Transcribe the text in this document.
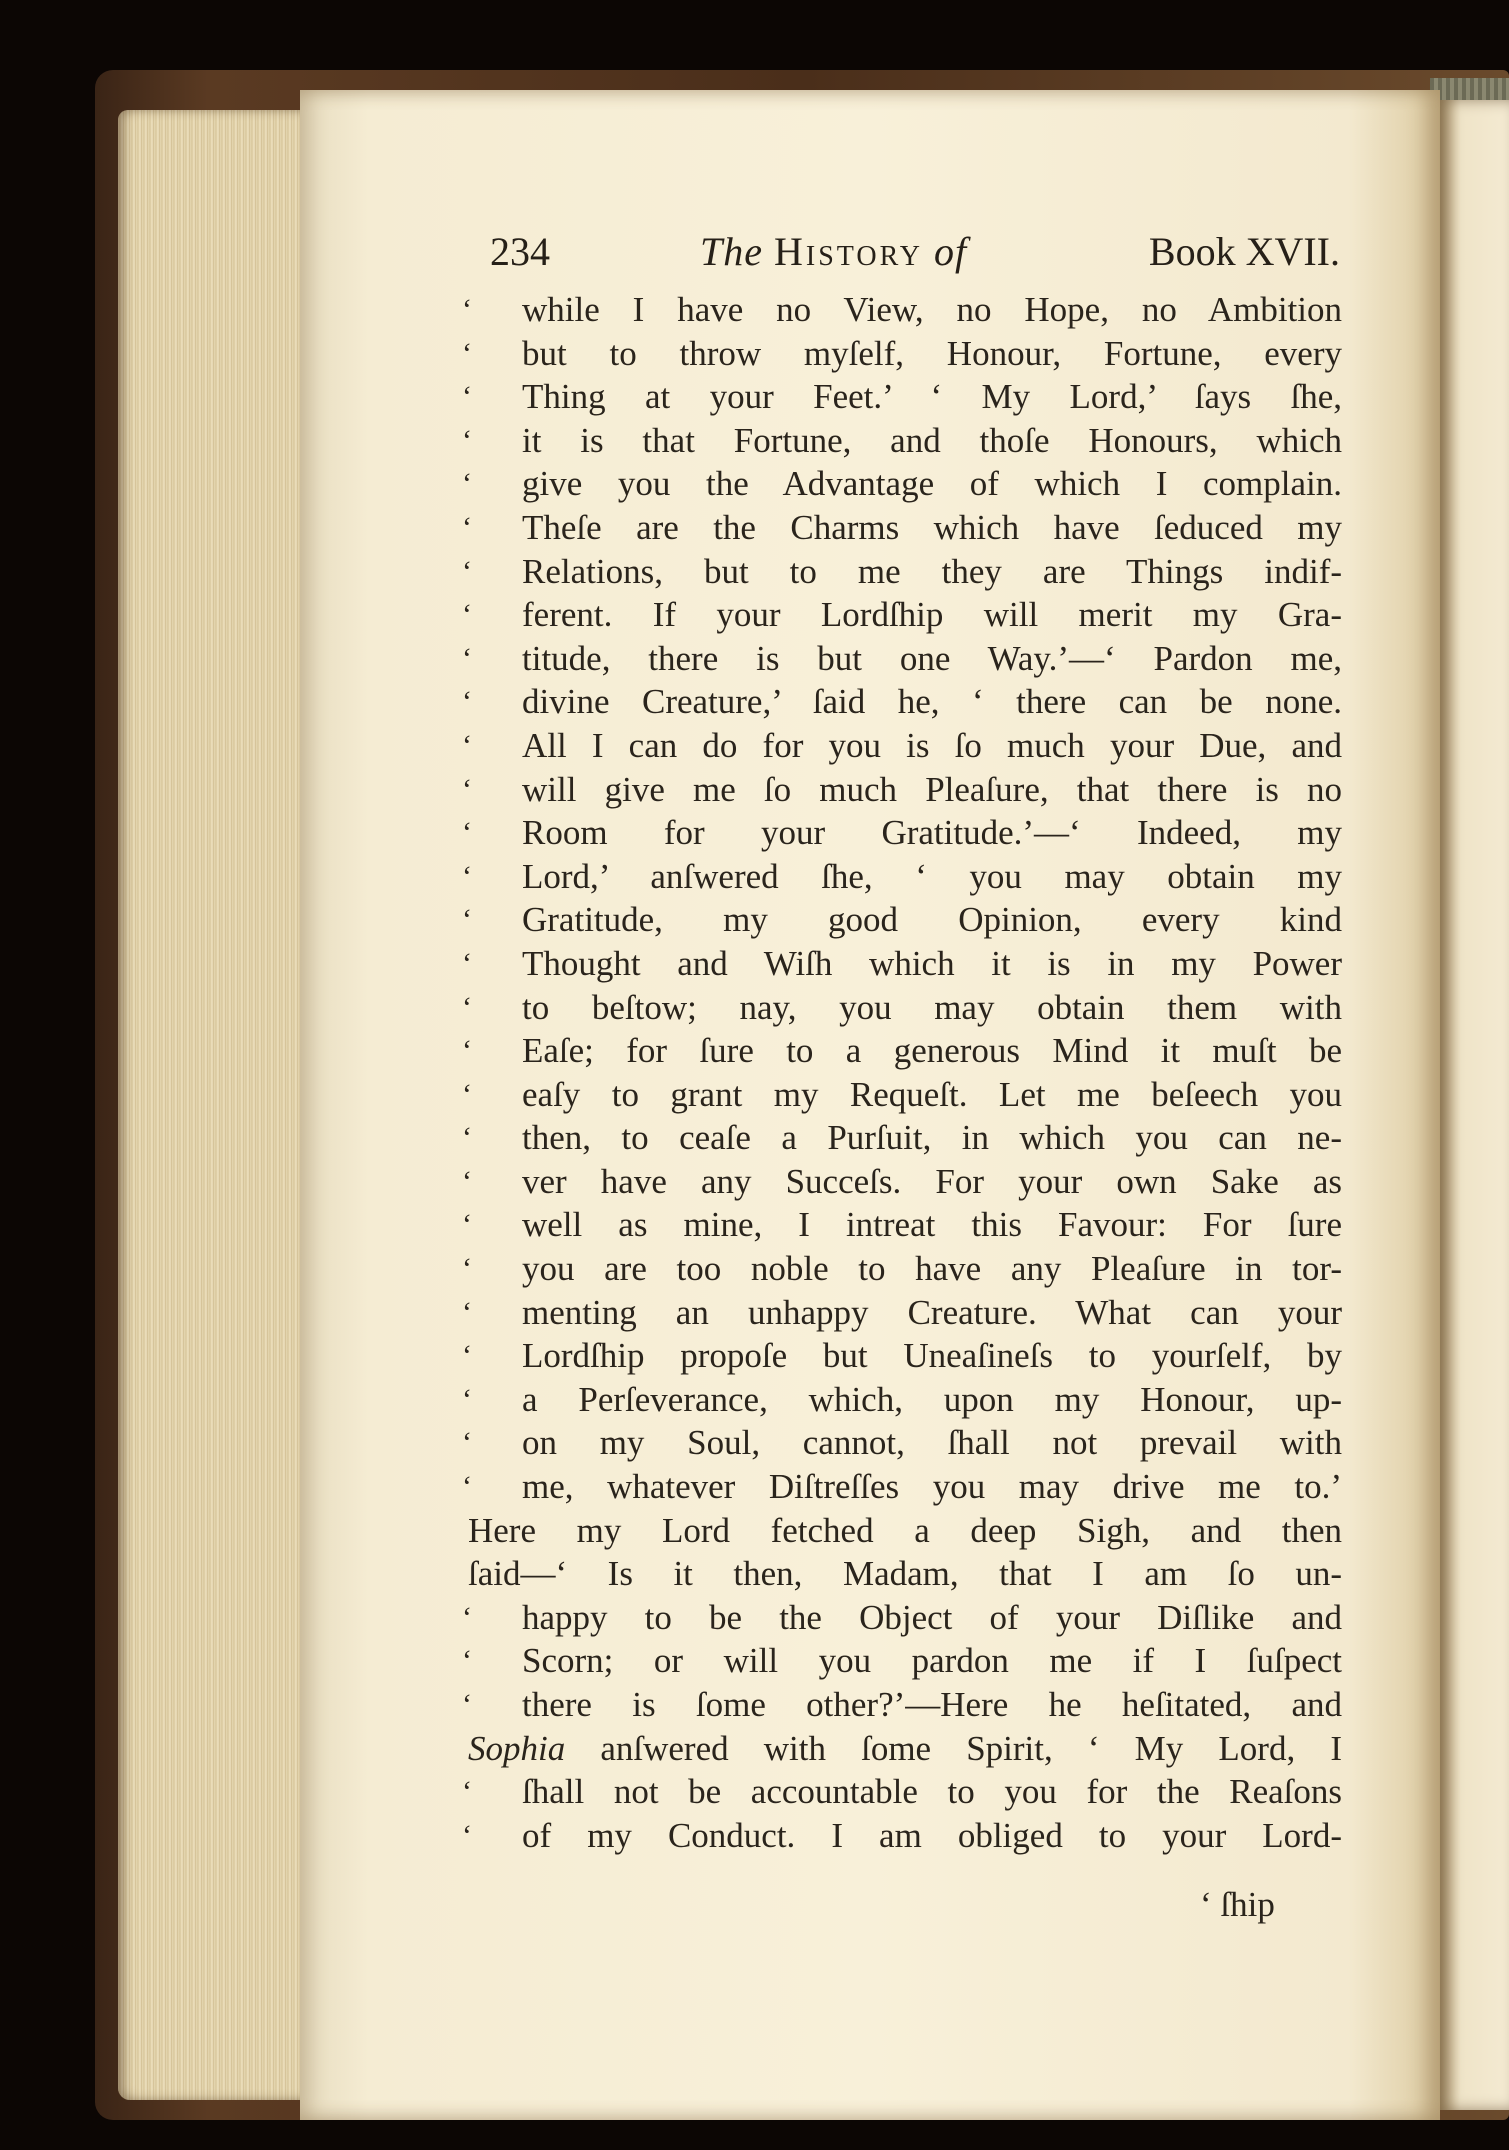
234	The History of	Book XVII.
‘	while I have no View, no Hope, no Ambition
‘	but to throw myſelf, Honour, Fortune, every
‘	Thing at your Feet.’ ‘ My Lord,’ ſays ſhe,
‘	it is that Fortune, and thoſe Honours, which
‘	give you the Advantage of which I complain.
‘	Theſe are the Charms which have ſeduced my
‘	Relations, but to me they are Things indif-
‘	ferent. If your Lordſhip will merit my Gra-
‘	titude, there is but one Way.’—‘ Pardon me,
‘	divine Creature,’ ſaid he, ‘ there can be none.
‘	All I can do for you is ſo much your Due, and
‘	will give me ſo much Pleaſure, that there is no
‘	Room for your Gratitude.’—‘ Indeed, my
‘	Lord,’ anſwered ſhe, ‘ you may obtain my
‘	Gratitude, my good Opinion, every kind
‘	Thought and Wiſh which it is in my Power
‘	to beſtow; nay, you may obtain them with
‘	Eaſe; for ſure to a generous Mind it muſt be
‘	eaſy to grant my Requeſt. Let me beſeech you
‘	then, to ceaſe a Purſuit, in which you can ne-
‘	ver have any Succeſs. For your own Sake as
‘	well as mine, I intreat this Favour: For ſure
‘	you are too noble to have any Pleaſure in tor-
‘	menting an unhappy Creature. What can your
‘	Lordſhip propoſe but Uneaſineſs to yourſelf, by
‘	a Perſeverance, which, upon my Honour, up-
‘	on my Soul, cannot, ſhall not prevail with
‘	me, whatever Diſtreſſes you may drive me to.’
Here my Lord fetched a deep Sigh, and then
ſaid—‘ Is it then, Madam, that I am ſo un-
‘	happy to be the Object of your Diſlike and
‘	Scorn; or will you pardon me if I ſuſpect
‘	there is ſome other?’—Here he heſitated, and
Sophia anſwered with ſome Spirit, ‘ My Lord, I
‘	ſhall not be accountable to you for the Reaſons
‘	of my Conduct. I am obliged to your Lord-
‘ ſhip
